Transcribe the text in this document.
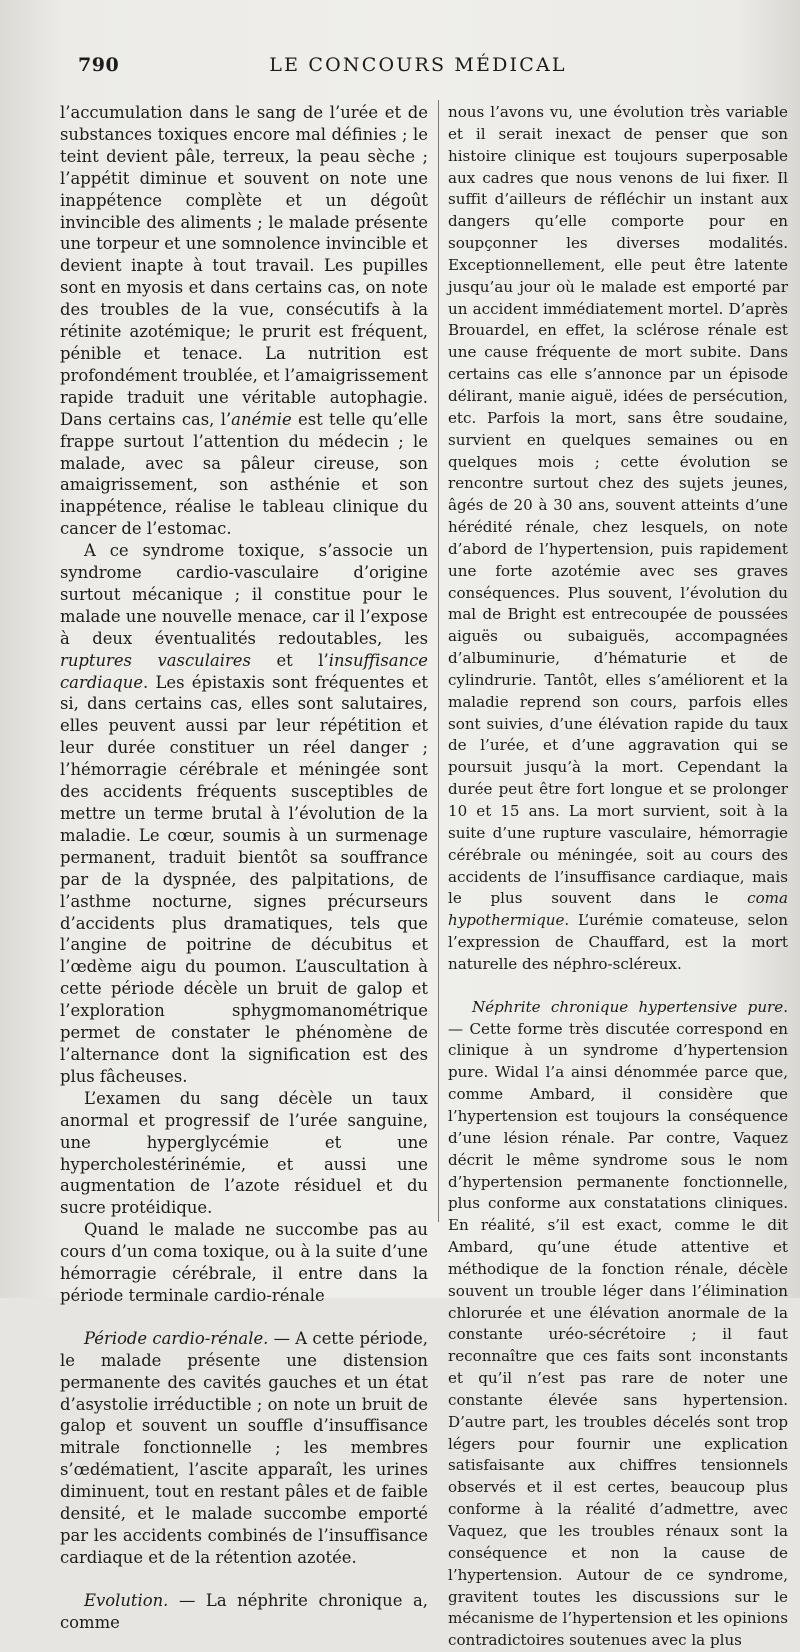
790	LE CONCOURS MÉDICAL

l’accumulation dans le sang de l’urée et de substances toxiques encore mal définies ; le teint devient pâle, terreux, la peau sèche ; l’appétit diminue et souvent on note une inappétence complète et un dégoût invincible des aliments ; le malade présente une torpeur et une somnolence invincible et devient inapte à tout travail. Les pupilles sont en myosis et dans certains cas, on note des troubles de la vue, consécutifs à la rétinite azotémique; le prurit est fréquent, pénible et tenace. La nutrition est profondément troublée, et l’amaigrissement rapide traduit une véritable autophagie. Dans certains cas, l’anémie est telle qu’elle frappe surtout l’attention du médecin ; le malade, avec sa pâleur cireuse, son amaigrissement, son asthénie et son inappétence, réalise le tableau clinique du cancer de l’estomac.

A ce syndrome toxique, s’associe un syndrome cardio-vasculaire d’origine surtout mécanique ; il constitue pour le malade une nouvelle menace, car il l’expose à deux éventualités redoutables, les ruptures vasculaires et l’insuffisance cardiaque. Les épistaxis sont fréquentes et si, dans certains cas, elles sont salutaires, elles peuvent aussi par leur répétition et leur durée constituer un réel danger ; l’hémorragie cérébrale et méningée sont des accidents fréquents susceptibles de mettre un terme brutal à l’évolution de la maladie. Le cœur, soumis à un surmenage permanent, traduit bientôt sa souffrance par de la dyspnée, des palpitations, de l’asthme nocturne, signes précurseurs d’accidents plus dramatiques, tels que l’angine de poitrine de décubitus et l’œdème aigu du poumon. L’auscultation à cette période décèle un bruit de galop et l’exploration sphygmomanométrique permet de constater le phénomène de l’alternance dont la signification est des plus fâcheuses.

L’examen du sang décèle un taux anormal et progressif de l’urée sanguine, une hyperglycémie et une hypercholestérinémie, et aussi une augmentation de l’azote résiduel et du sucre protéidique.

Quand le malade ne succombe pas au cours d’un coma toxique, ou à la suite d’une hémorragie cérébrale, il entre dans la période terminale cardio-rénale

Période cardio-rénale. — A cette période, le malade présente une distension permanente des cavités gauches et un état d’asystolie irréductible ; on note un bruit de galop et souvent un souffle d’insuffisance mitrale fonctionnelle ; les membres s’œdématient, l’ascite apparaît, les urines diminuent, tout en restant pâles et de faible densité, et le malade succombe emporté par les accidents combinés de l’insuffisance cardiaque et de la rétention azotée.

Evolution. — La néphrite chronique a, comme

nous l’avons vu, une évolution très variable et il serait inexact de penser que son histoire clinique est toujours superposable aux cadres que nous venons de lui fixer. Il suffit d’ailleurs de réfléchir un instant aux dangers qu’elle comporte pour en soupçonner les diverses modalités. Exceptionnellement, elle peut être latente jusqu’au jour où le malade est emporté par un accident immédiatement mortel. D’après Brouardel, en effet, la sclérose rénale est une cause fréquente de mort subite. Dans certains cas elle s’annonce par un épisode délirant, manie aiguë, idées de persécution, etc. Parfois la mort, sans être soudaine, survient en quelques semaines ou en quelques mois ; cette évolution se rencontre surtout chez des sujets jeunes, âgés de 20 à 30 ans, souvent atteints d’une hérédité rénale, chez lesquels, on note d’abord de l’hypertension, puis rapidement une forte azotémie avec ses graves conséquences. Plus souvent, l’évolution du mal de Bright est entrecoupée de poussées aiguës ou subaiguës, accompagnées d’albuminurie, d’hématurie et de cylindrurie. Tantôt, elles s’améliorent et la maladie reprend son cours, parfois elles sont suivies, d’une élévation rapide du taux de l’urée, et d’une aggravation qui se poursuit jusqu’à la mort. Cependant la durée peut être fort longue et se prolonger 10 et 15 ans. La mort survient, soit à la suite d’une rupture vasculaire, hémorragie cérébrale ou méningée, soit au cours des accidents de l’insuffisance cardiaque, mais le plus souvent dans le coma hypothermique. L’urémie comateuse, selon l’expression de Chauffard, est la mort naturelle des néphro-scléreux.

Néphrite chronique hypertensive pure. — Cette forme très discutée correspond en clinique à un syndrome d’hypertension pure. Widal l’a ainsi dénommée parce que, comme Ambard, il considère que l’hypertension est toujours la conséquence d’une lésion rénale. Par contre, Vaquez décrit le même syndrome sous le nom d’hypertension permanente fonctionnelle, plus conforme aux constatations cliniques. En réalité, s’il est exact, comme le dit Ambard, qu’une étude attentive et méthodique de la fonction rénale, décèle souvent un trouble léger dans l’élimination chlorurée et une élévation anormale de la constante uréo-sécrétoire ; il faut reconnaître que ces faits sont inconstants et qu’il n’est pas rare de noter une constante élevée sans hypertension. D’autre part, les troubles décelés sont trop légers pour fournir une explication satisfaisante aux chiffres tensionnels observés et il est certes, beaucoup plus conforme à la réalité d’admettre, avec Vaquez, que les troubles rénaux sont la conséquence et non la cause de l’hypertension. Autour de ce syndrome, gravitent toutes les discussions sur le mécanisme de l’hypertension et les opinions contradictoires soutenues avec la plus
